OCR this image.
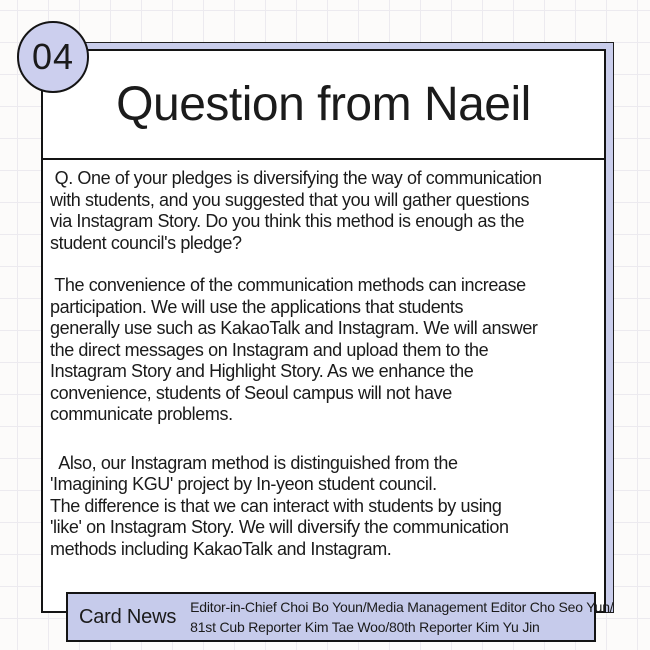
Question from Naeil
Q. One of your pledges is diversifying the way of communication
with students, and you suggested that you will gather questions
via Instagram Story. Do you think this method is enough as the
student council's pledge?
The convenience of the communication methods can increase
participation. We will use the applications that students
generally use such as KakaoTalk and Instagram. We will answer
the direct messages on Instagram and upload them to the
Instagram Story and Highlight Story. As we enhance the
convenience, students of Seoul campus will not have
communicate problems.
Also, our Instagram method is distinguished from the
'Imagining KGU' project by In-yeon student council.
The difference is that we can interact with students by using
'like' on Instagram Story. We will diversify the communication
methods including KakaoTalk and Instagram.
04
Card News Editor-in-Chief Choi Bo Youn/Media Management Editor Cho Seo Yun/
81st Cub Reporter Kim Tae Woo/80th Reporter Kim Yu Jin
